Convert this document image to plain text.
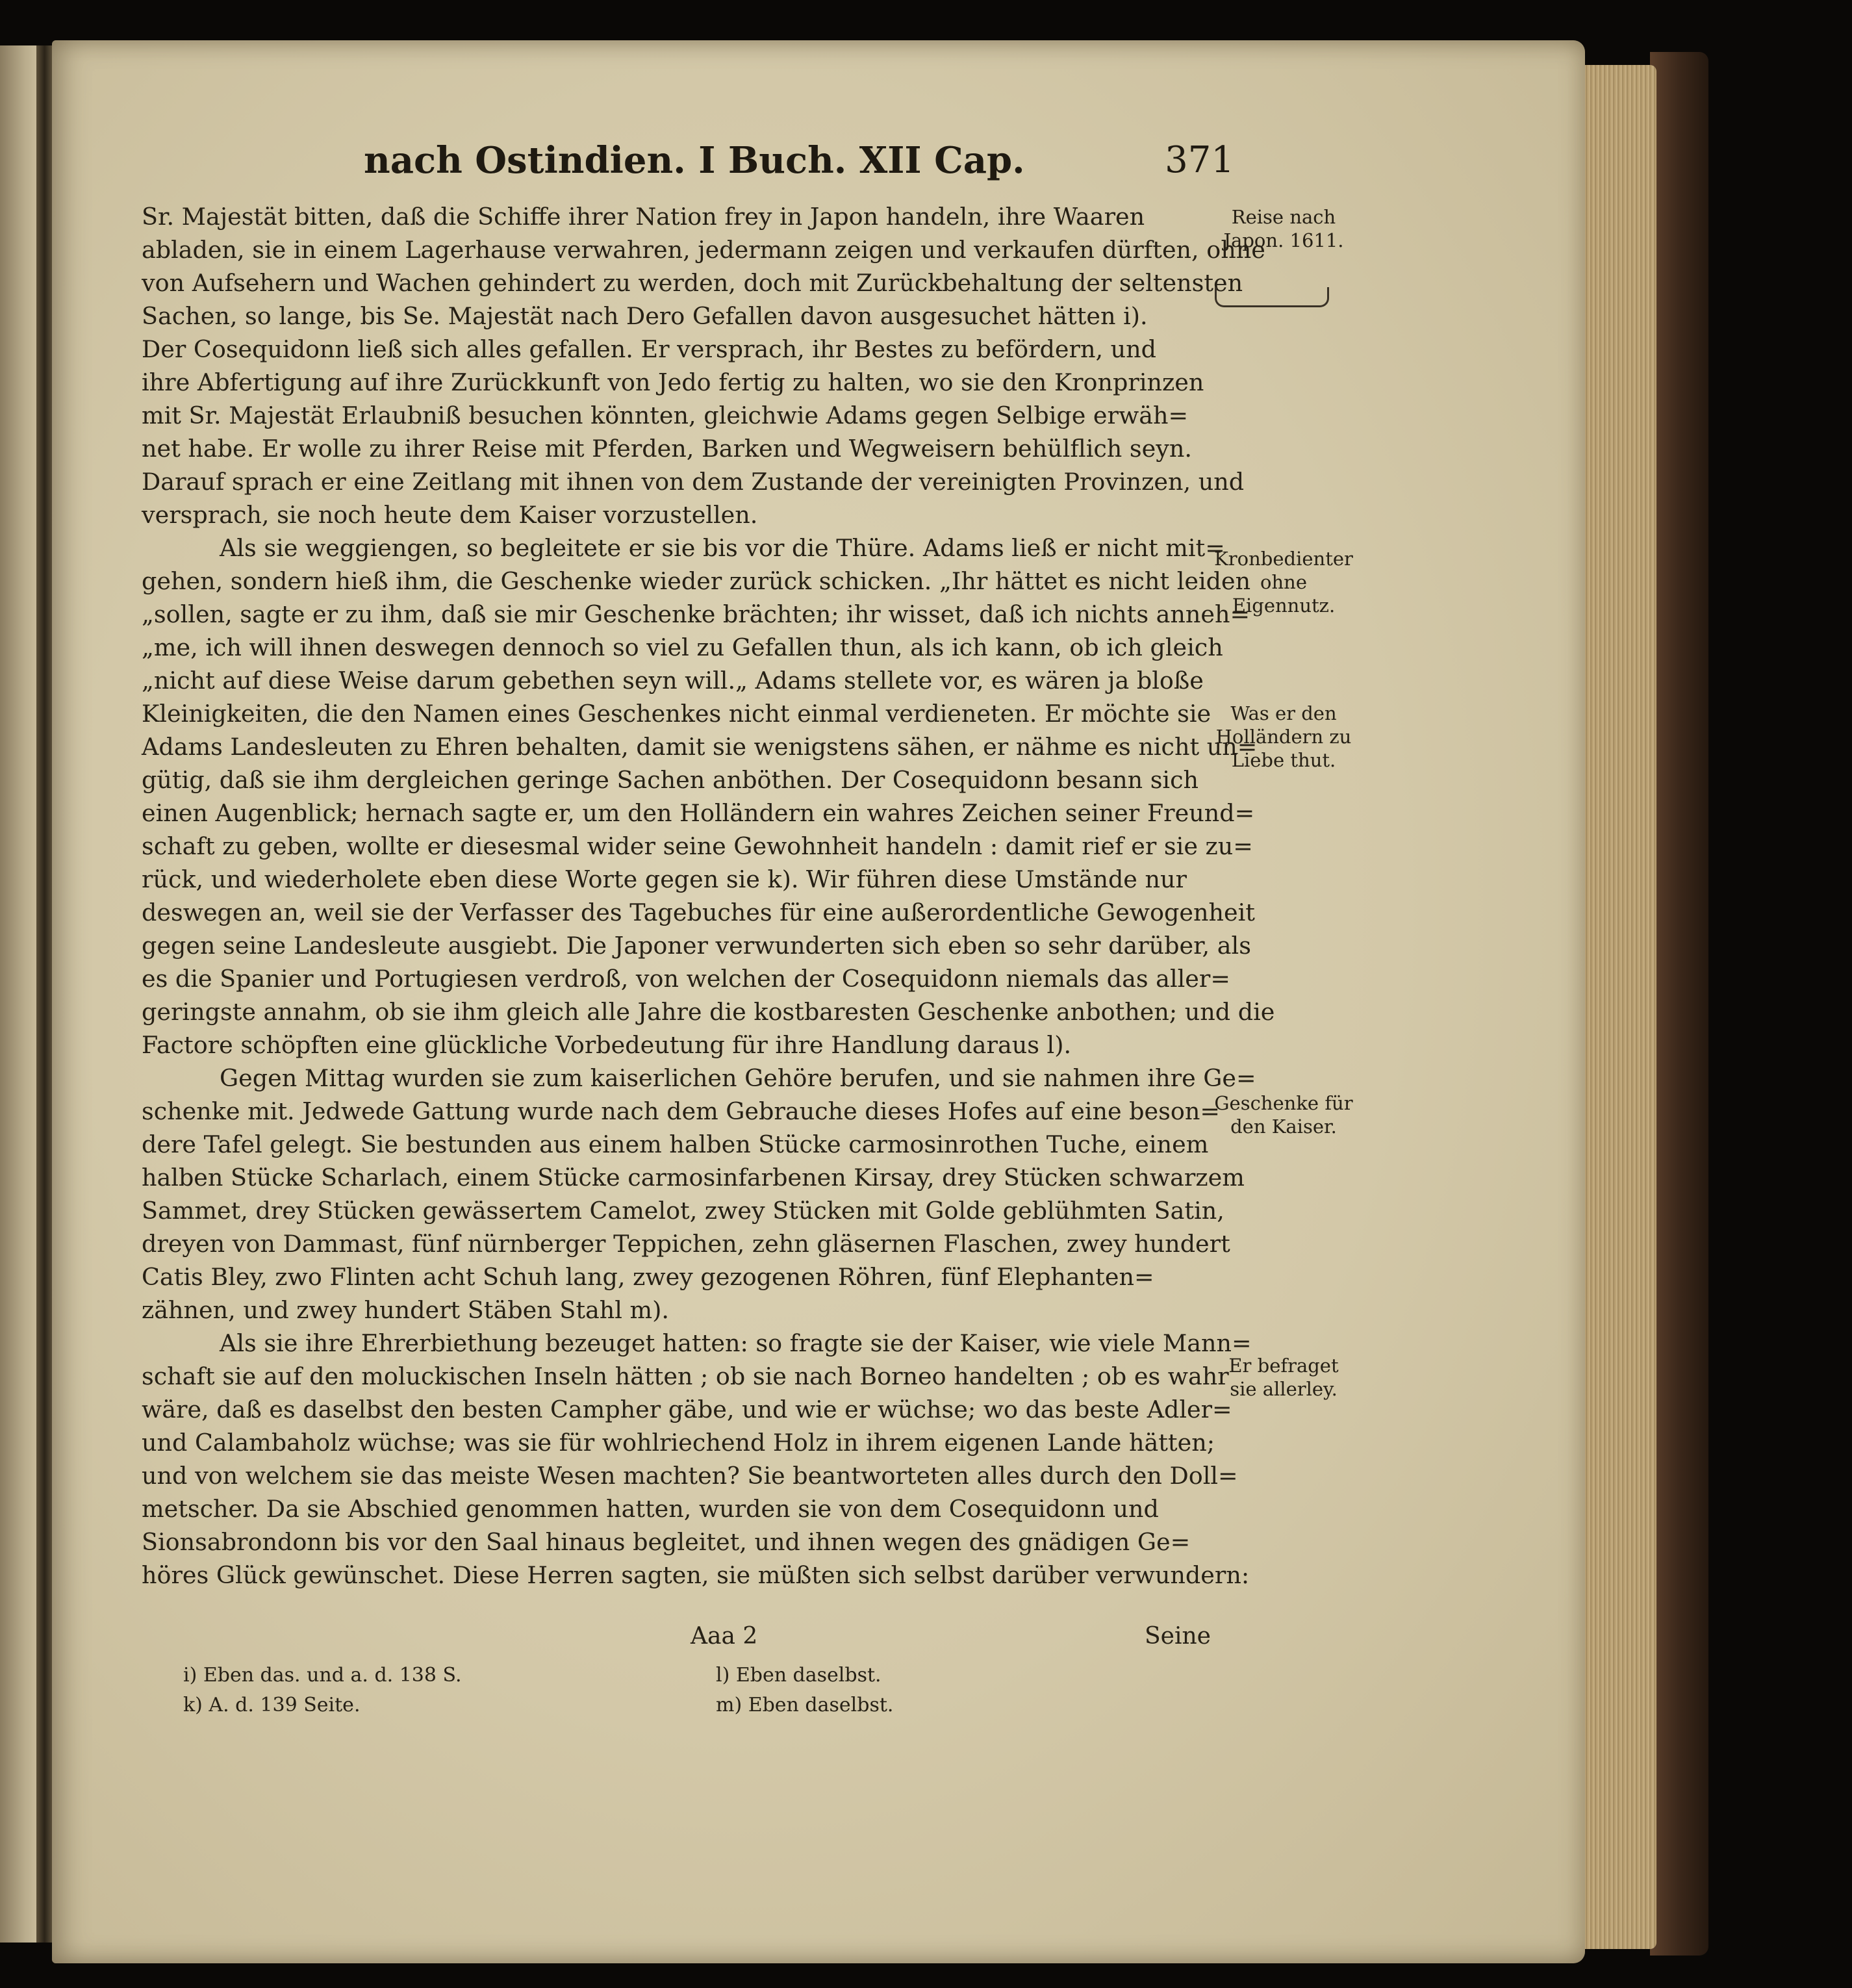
nach Ostindien. I Buch. XII Cap.	371

Sr. Majestät bitten, daß die Schiffe ihrer Nation frey in Japon handeln, ihre Waaren
abladen, sie in einem Lagerhause verwahren, jedermann zeigen und verkaufen dürften, ohne
von Aufsehern und Wachen gehindert zu werden, doch mit Zurückbehaltung der seltensten
Sachen, so lange, bis Se. Majestät nach Dero Gefallen davon ausgesuchet hätten i).
Der Cosequidonn ließ sich alles gefallen. Er versprach, ihr Bestes zu befördern, und
ihre Abfertigung auf ihre Zurückkunft von Jedo fertig zu halten, wo sie den Kronprinzen
mit Sr. Majestät Erlaubniß besuchen könnten, gleichwie Adams gegen Selbige erwäh=
net habe. Er wolle zu ihrer Reise mit Pferden, Barken und Wegweisern behülflich seyn.
Darauf sprach er eine Zeitlang mit ihnen von dem Zustande der vereinigten Provinzen, und
versprach, sie noch heute dem Kaiser vorzustellen.

Als sie weggiengen, so begleitete er sie bis vor die Thüre. Adams ließ er nicht mit=
gehen, sondern hieß ihm, die Geschenke wieder zurück schicken. „Ihr hättet es nicht leiden
„sollen, sagte er zu ihm, daß sie mir Geschenke brächten; ihr wisset, daß ich nichts anneh=
„me, ich will ihnen deswegen dennoch so viel zu Gefallen thun, als ich kann, ob ich gleich
„nicht auf diese Weise darum gebethen seyn will.„ Adams stellete vor, es wären ja bloße
Kleinigkeiten, die den Namen eines Geschenkes nicht einmal verdieneten. Er möchte sie
Adams Landesleuten zu Ehren behalten, damit sie wenigstens sähen, er nähme es nicht un=
gütig, daß sie ihm dergleichen geringe Sachen anböthen. Der Cosequidonn besann sich
einen Augenblick; hernach sagte er, um den Holländern ein wahres Zeichen seiner Freund=
schaft zu geben, wollte er diesesmal wider seine Gewohnheit handeln : damit rief er sie zu=
rück, und wiederholete eben diese Worte gegen sie k). Wir führen diese Umstände nur
deswegen an, weil sie der Verfasser des Tagebuches für eine außerordentliche Gewogenheit
gegen seine Landesleute ausgiebt. Die Japoner verwunderten sich eben so sehr darüber, als
es die Spanier und Portugiesen verdroß, von welchen der Cosequidonn niemals das aller=
geringste annahm, ob sie ihm gleich alle Jahre die kostbaresten Geschenke anbothen; und die
Factore schöpften eine glückliche Vorbedeutung für ihre Handlung daraus l).

Gegen Mittag wurden sie zum kaiserlichen Gehöre berufen, und sie nahmen ihre Ge=
schenke mit. Jedwede Gattung wurde nach dem Gebrauche dieses Hofes auf eine beson=
dere Tafel gelegt. Sie bestunden aus einem halben Stücke carmosinrothen Tuche, einem
halben Stücke Scharlach, einem Stücke carmosinfarbenen Kirsay, drey Stücken schwarzem
Sammet, drey Stücken gewässertem Camelot, zwey Stücken mit Golde geblühmten Satin,
dreyen von Dammast, fünf nürnberger Teppichen, zehn gläsernen Flaschen, zwey hundert
Catis Bley, zwo Flinten acht Schuh lang, zwey gezogenen Röhren, fünf Elephanten=
zähnen, und zwey hundert Stäben Stahl m).

Als sie ihre Ehrerbiethung bezeuget hatten: so fragte sie der Kaiser, wie viele Mann=
schaft sie auf den moluckischen Inseln hätten ; ob sie nach Borneo handelten ; ob es wahr
wäre, daß es daselbst den besten Campher gäbe, und wie er wüchse; wo das beste Adler=
und Calambaholz wüchse; was sie für wohlriechend Holz in ihrem eigenen Lande hätten;
und von welchem sie das meiste Wesen machten? Sie beantworteten alles durch den Doll=
metscher. Da sie Abschied genommen hatten, wurden sie von dem Cosequidonn und
Sionsabrondonn bis vor den Saal hinaus begleitet, und ihnen wegen des gnädigen Ge=
höres Glück gewünschet. Diese Herren sagten, sie müßten sich selbst darüber verwundern:

Reise nach Japon. 1611.
Kronbedienter ohne Eigennutz.
Was er den Holländern zu Liebe thut.
Geschenke für den Kaiser.
Er befraget sie allerley.
Aaa 2	Seine
i) Eben das. und a. d. 138 S.
k) A. d. 139 Seite.
l) Eben daselbst.
m) Eben daselbst.
